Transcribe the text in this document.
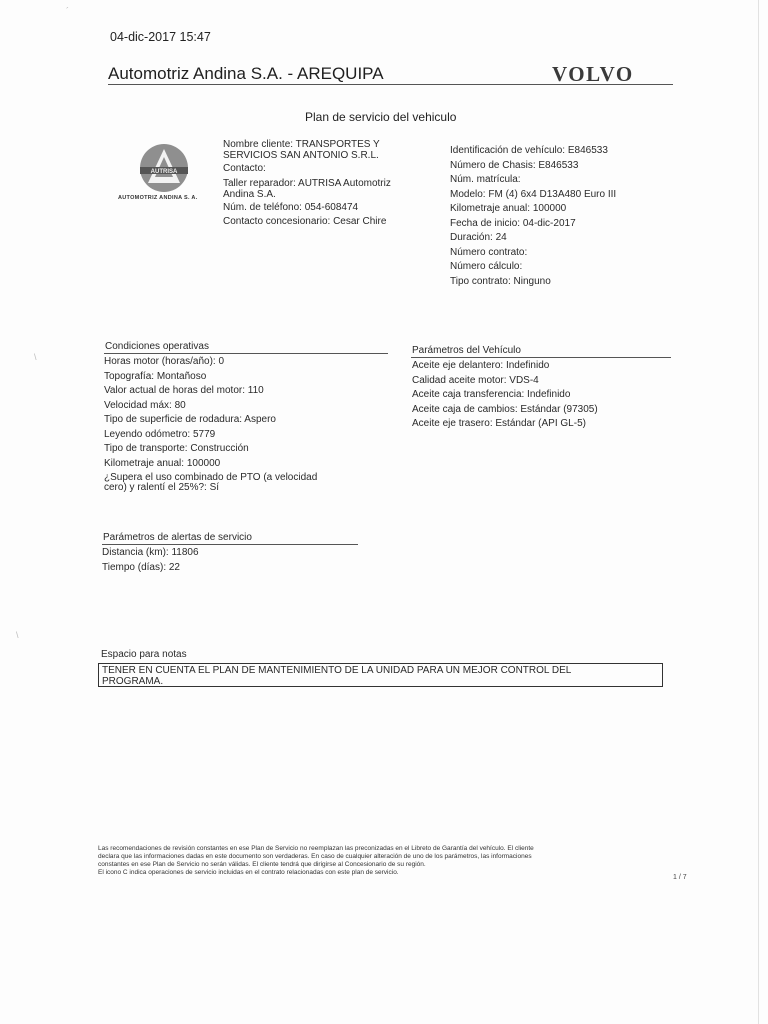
´
\
\
04-dic-2017 15:47
Automotriz Andina S.A. - AREQUIPA	VOLVO
Plan de servicio del vehiculo
AUTRISA
AUTOMOTRIZ ANDINA S. A.
Nombre cliente: TRANSPORTES Y
SERVICIOS SAN ANTONIO S.R.L.
Contacto:
Taller reparador: AUTRISA Automotriz
Andina S.A.
Núm. de teléfono: 054-608474
Contacto concesionario: Cesar Chire
Identificación de vehículo: E846533
Número de Chasis: E846533
Núm. matrícula:
Modelo: FM (4) 6x4 D13A480 Euro III
Kilometraje anual: 100000
Fecha de inicio: 04-dic-2017
Duración: 24
Número contrato:
Número cálculo:
Tipo contrato: Ninguno
Condiciones operativas
Horas motor (horas/año): 0
Topografía: Montañoso
Valor actual de horas del motor: 110
Velocidad máx: 80
Tipo de superficie de rodadura: Aspero
Leyendo odómetro: 5779
Tipo de transporte: Construcción
Kilometraje anual: 100000
¿Supera el uso combinado de PTO (a velocidad
cero) y ralentí el 25%?: Sí
Parámetros del Vehículo
Aceite eje delantero: Indefinido
Calidad aceite motor: VDS-4
Aceite caja transferencia: Indefinido
Aceite caja de cambios: Estándar (97305)
Aceite eje trasero: Estándar (API GL-5)
Parámetros de alertas de servicio
Distancia (km): 11806
Tiempo (días): 22
Espacio para notas
TENER EN CUENTA EL PLAN DE MANTENIMIENTO DE LA UNIDAD PARA UN MEJOR CONTROL DEL
PROGRAMA.
Las recomendaciones de revisión constantes en ese Plan de Servicio no reemplazan las preconizadas en el Libreto de Garantía del vehículo. El cliente
declara que las informaciones dadas en este documento son verdaderas. En caso de cualquier alteración de uno de los parámetros, las informaciones
constantes en ese Plan de Servicio no serán válidas. El cliente tendrá que dirigirse al Concesionario de su región.
El icono C indica operaciones de servicio incluidas en el contrato relacionadas con este plan de servicio.
1 / 7
